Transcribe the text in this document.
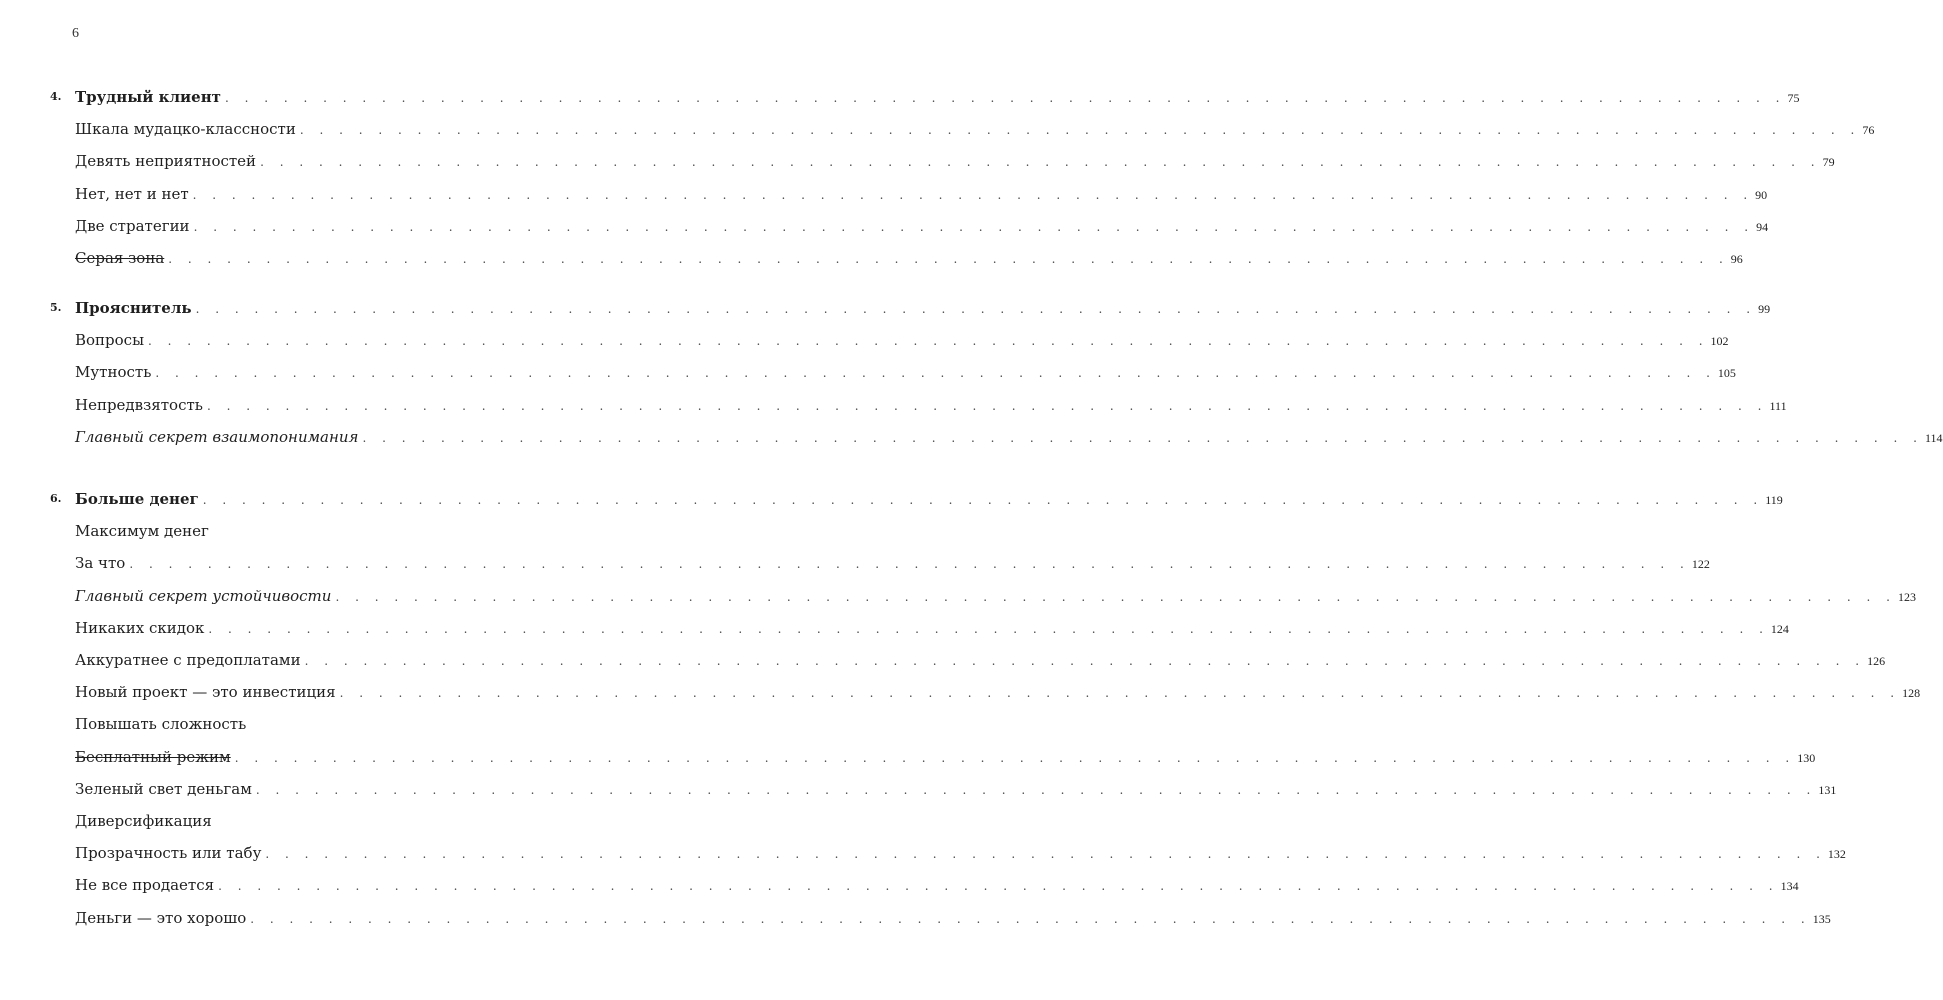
6
4. Трудный клиент . . . . . . . . . . . . . . . . . . . . . . . . . . . . . . . . . . . . . . . . . . . . . . . . . . . . . . . . . . . . . . . . . . . . . . . . . . . . . . . . 75
Шкала мудацко-классности . . . . . . . . . . . . . . . . . . . . . . . . . . . . . . . . . . . . . . . . . . . . . . . . . . . . . . . . . . . . . . . . . . . . . . . . . . . . . . . . 76
Девять неприятностей . . . . . . . . . . . . . . . . . . . . . . . . . . . . . . . . . . . . . . . . . . . . . . . . . . . . . . . . . . . . . . . . . . . . . . . . . . . . . . . . 79
Нет, нет и нет . . . . . . . . . . . . . . . . . . . . . . . . . . . . . . . . . . . . . . . . . . . . . . . . . . . . . . . . . . . . . . . . . . . . . . . . . . . . . . . . 90
Две стратегии . . . . . . . . . . . . . . . . . . . . . . . . . . . . . . . . . . . . . . . . . . . . . . . . . . . . . . . . . . . . . . . . . . . . . . . . . . . . . . . . 94
Серая зона . . . . . . . . . . . . . . . . . . . . . . . . . . . . . . . . . . . . . . . . . . . . . . . . . . . . . . . . . . . . . . . . . . . . . . . . . . . . . . . . 96
5. Прояснитель . . . . . . . . . . . . . . . . . . . . . . . . . . . . . . . . . . . . . . . . . . . . . . . . . . . . . . . . . . . . . . . . . . . . . . . . . . . . . . . . 99
Вопросы . . . . . . . . . . . . . . . . . . . . . . . . . . . . . . . . . . . . . . . . . . . . . . . . . . . . . . . . . . . . . . . . . . . . . . . . . . . . . . . . 102
Мутность . . . . . . . . . . . . . . . . . . . . . . . . . . . . . . . . . . . . . . . . . . . . . . . . . . . . . . . . . . . . . . . . . . . . . . . . . . . . . . . . 105
Непредвзятость . . . . . . . . . . . . . . . . . . . . . . . . . . . . . . . . . . . . . . . . . . . . . . . . . . . . . . . . . . . . . . . . . . . . . . . . . . . . . . . . 111
Главный секрет взаимопонимания . . . . . . . . . . . . . . . . . . . . . . . . . . . . . . . . . . . . . . . . . . . . . . . . . . . . . . . . . . . . . . . . . . . . . . . . . . . . . . . . 114
6. Больше денег . . . . . . . . . . . . . . . . . . . . . . . . . . . . . . . . . . . . . . . . . . . . . . . . . . . . . . . . . . . . . . . . . . . . . . . . . . . . . . . . 119
Максимум денег
За что . . . . . . . . . . . . . . . . . . . . . . . . . . . . . . . . . . . . . . . . . . . . . . . . . . . . . . . . . . . . . . . . . . . . . . . . . . . . . . . . 122
Главный секрет устойчивости . . . . . . . . . . . . . . . . . . . . . . . . . . . . . . . . . . . . . . . . . . . . . . . . . . . . . . . . . . . . . . . . . . . . . . . . . . . . . . . . 123
Никаких скидок . . . . . . . . . . . . . . . . . . . . . . . . . . . . . . . . . . . . . . . . . . . . . . . . . . . . . . . . . . . . . . . . . . . . . . . . . . . . . . . . 124
Аккуратнее с предоплатами . . . . . . . . . . . . . . . . . . . . . . . . . . . . . . . . . . . . . . . . . . . . . . . . . . . . . . . . . . . . . . . . . . . . . . . . . . . . . . . . 126
Новый проект — это инвестиция . . . . . . . . . . . . . . . . . . . . . . . . . . . . . . . . . . . . . . . . . . . . . . . . . . . . . . . . . . . . . . . . . . . . . . . . . . . . . . . . 128
Повышать сложность
Бесплатный режим . . . . . . . . . . . . . . . . . . . . . . . . . . . . . . . . . . . . . . . . . . . . . . . . . . . . . . . . . . . . . . . . . . . . . . . . . . . . . . . . 130
Зеленый свет деньгам . . . . . . . . . . . . . . . . . . . . . . . . . . . . . . . . . . . . . . . . . . . . . . . . . . . . . . . . . . . . . . . . . . . . . . . . . . . . . . . . 131
Диверсификация
Прозрачность или табу . . . . . . . . . . . . . . . . . . . . . . . . . . . . . . . . . . . . . . . . . . . . . . . . . . . . . . . . . . . . . . . . . . . . . . . . . . . . . . . . 132
Не все продается . . . . . . . . . . . . . . . . . . . . . . . . . . . . . . . . . . . . . . . . . . . . . . . . . . . . . . . . . . . . . . . . . . . . . . . . . . . . . . . . 134
Деньги — это хорошо . . . . . . . . . . . . . . . . . . . . . . . . . . . . . . . . . . . . . . . . . . . . . . . . . . . . . . . . . . . . . . . . . . . . . . . . . . . . . . . . 135
